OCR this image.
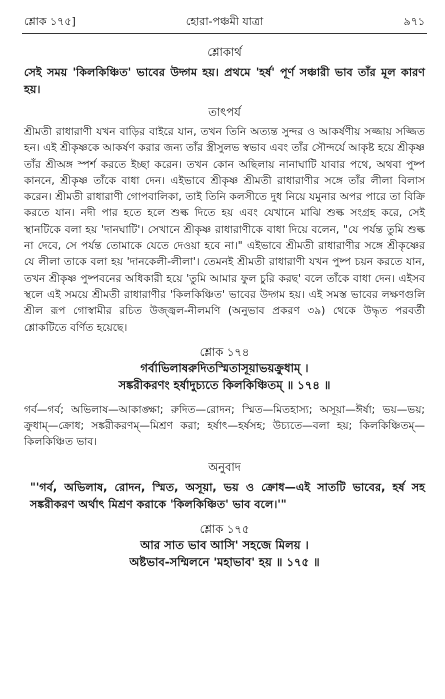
শ্লোক ১৭৫]	হোরা-পঞ্চমী যাত্রা	৯৭১

শ্লোকার্থ

সেই সময় 'কিলকিঞ্চিত' ভাবের উদ্গম হয়। প্রথমে 'হর্ষ' পূর্ণ সঞ্চারী ভাব তাঁর মূল কারণ হয়।

তাৎপর্য

শ্রীমতী রাধারাণী যখন বাড়ির বাইরে যান, তখন তিনি অত্যন্ত সুন্দর ও আকর্ষণীয় সজ্জায় সজ্জিত হন। এই শ্রীকৃষ্ণকে আকর্ষণ করার জন্য তাঁর স্ত্রীসুলভ স্বভাব এবং তাঁর সৌন্দর্যে আকৃষ্ট হয়ে শ্রীকৃষ্ণ তাঁর শ্রীঅঙ্গ স্পর্শ করতে ইচ্ছা করেন। তখন কোন অছিলায় নানাঘাটি যাবার পথে, অথবা পুষ্প কাননে, শ্রীকৃষ্ণ তাঁকে বাধা দেন। এইভাবে শ্রীকৃষ্ণ শ্রীমতী রাধারাণীর সঙ্গে তাঁর লীলা বিলাস করেন। শ্রীমতী রাধারাণী গোপবালিকা, তাই তিনি কলসীতে দুধ নিয়ে যমুনার অপর পারে তা বিক্রি করতে যান। নদী পার হতে হলে শুল্ক দিতে হয় এবং যেখানে মাঝি শুল্ক সংগ্রহ করে, সেই স্থানটিকে বলা হয় 'দানঘাটি'। সেখানে শ্রীকৃষ্ণ রাধারাণীকে বাধা দিয়ে বলেন, "যে পর্যন্ত তুমি শুল্ক না দেবে, সে পর্যন্ত তোমাকে যেতে দেওয়া হবে না।" এইভাবে শ্রীমতী রাধারাণীর সঙ্গে শ্রীকৃষ্ণের যে লীলা তাকে বলা হয় 'দানকেলী-লীলা'। তেমনই শ্রীমতী রাধারাণী যখন পুষ্প চয়ন করতে যান, তখন শ্রীকৃষ্ণ পুষ্পবনের অধিকারী হয়ে 'তুমি আমার ফুল চুরি করছ' বলে তাঁকে বাধা দেন। এইসব স্থলে এই সময়ে শ্রীমতী রাধারাণীর 'কিলকিঞ্চিত' ভাবের উদ্গম হয়। এই সমস্ত ভাবের লক্ষণগুলি শ্রীল রূপ গোস্বামীর রচিত উজ্জ্বল-নীলমণি (অনুভাব প্রকরণ ৩৯) থেকে উদ্ধৃত পরবর্তী শ্লোকটিতে বর্ণিত হয়েছে।

শ্লোক ১৭৪

গর্বাভিলাষরুদিতস্মিতাসূয়াভয়ক্রুধাম্ ।

সঙ্করীকরণং হর্ষাদুচ্যতে কিলকিঞ্চিতম্ ॥ ১৭৪ ॥

গর্ব—গর্ব; অভিলাষ—আকাঙ্ক্ষা; রুদিত—রোদন; স্মিত—মিতহাস্য; অসূয়া—ঈর্ষা; ভয়—ভয়; ক্রুধাম্—ক্রোধ; সঙ্করীকরণম্—মিশ্রণ করা; হর্ষাৎ—হর্ষসহ; উচ্যতে—বলা হয়; কিলকিঞ্চিতম্—কিলকিঞ্চিত ভাব।

অনুবাদ

"'গর্ব, অভিলাষ, রোদন, স্মিত, অসূয়া, ভয় ও ক্রোধ—এই সাতটি ভাবের, হর্ষ সহ সঙ্করীকরণ অর্থাৎ মিশ্রণ করাকে 'কিলকিঞ্চিত' ভাব বলে।'"

শ্লোক ১৭৫

আর সাত ভাব আসি' সহজে মিলয় ।

অষ্টভাব-সম্মিলনে 'মহাভাব' হয় ॥ ১৭৫ ॥
